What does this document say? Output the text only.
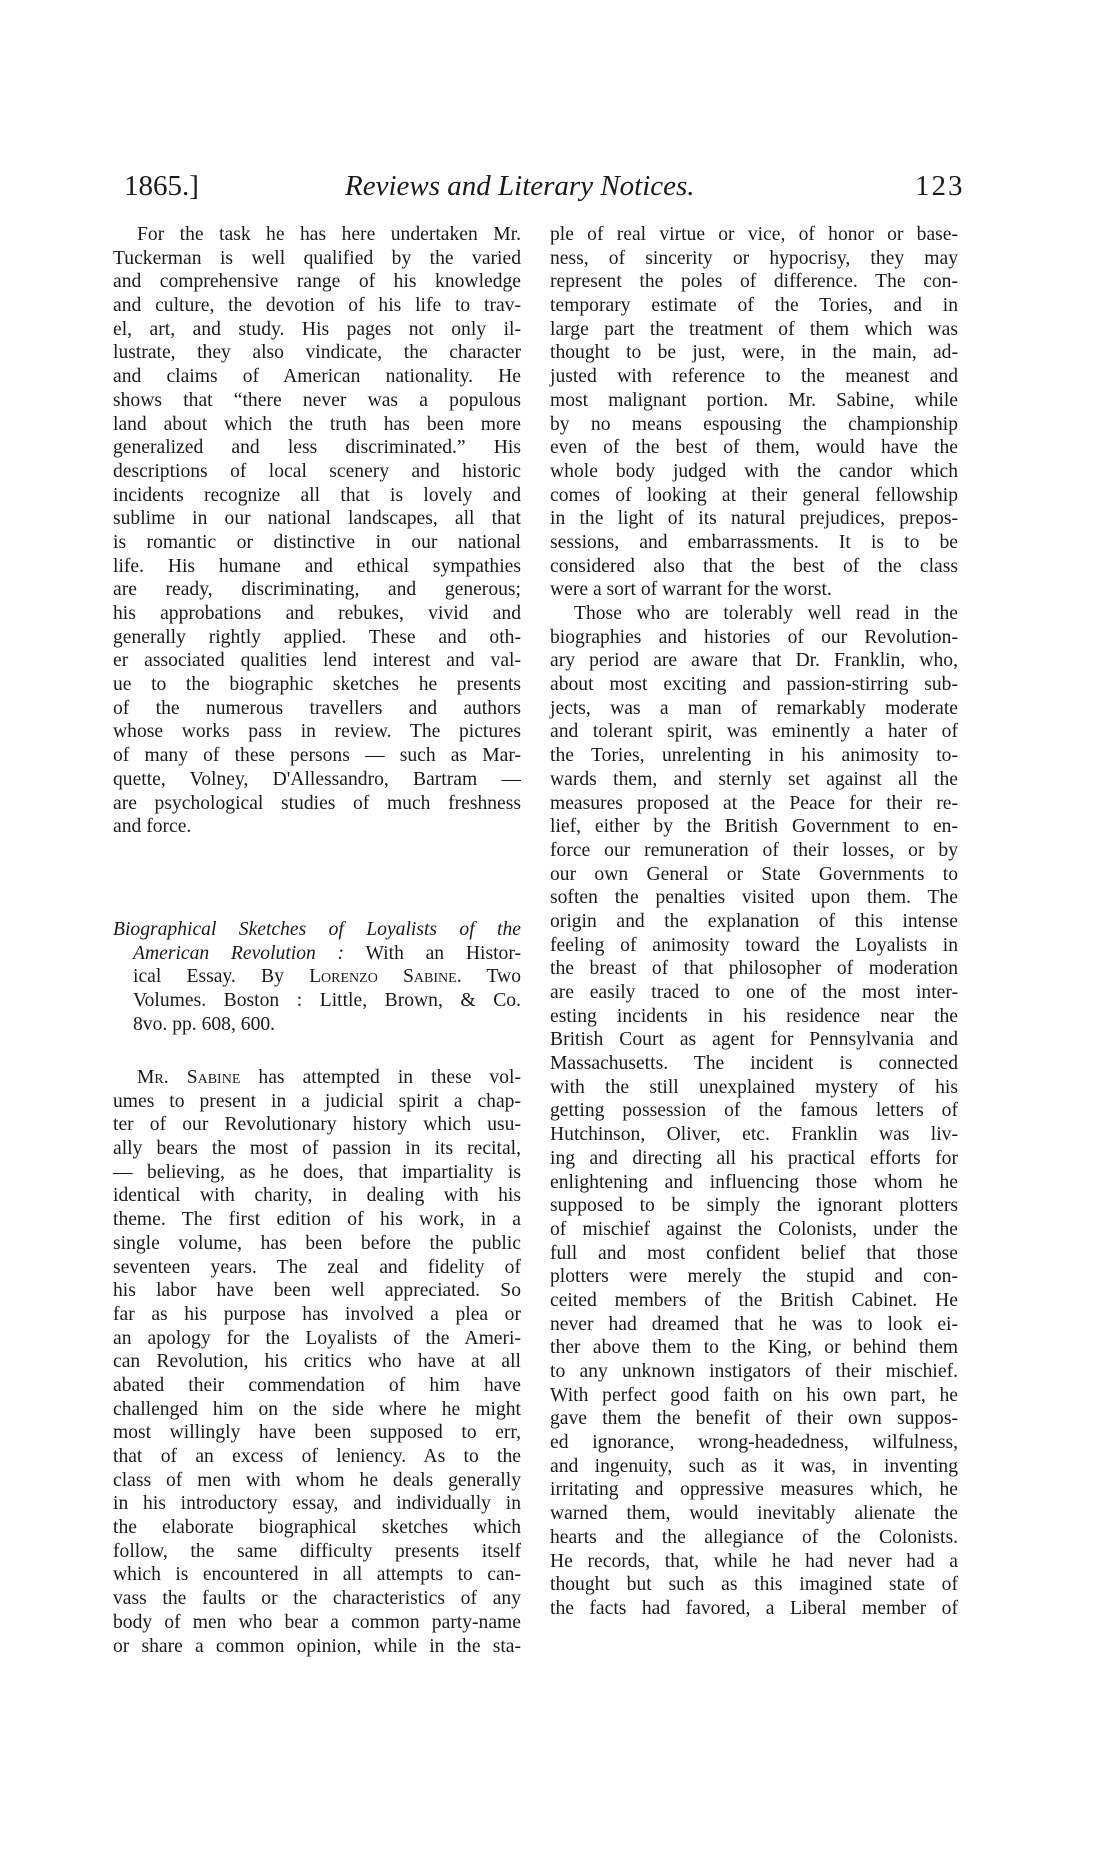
1865.]	Reviews and Literary Notices.	123
For the task he has here undertaken Mr.
Tuckerman is well qualified by the varied
and comprehensive range of his knowledge
and culture, the devotion of his life to trav-
el, art, and study. His pages not only il-
lustrate, they also vindicate, the character
and claims of American nationality. He
shows that “there never was a populous
land about which the truth has been more
generalized and less discriminated.” His
descriptions of local scenery and historic
incidents recognize all that is lovely and
sublime in our national landscapes, all that
is romantic or distinctive in our national
life. His humane and ethical sympathies
are ready, discriminating, and generous;
his approbations and rebukes, vivid and
generally rightly applied. These and oth-
er associated qualities lend interest and val-
ue to the biographic sketches he presents
of the numerous travellers and authors
whose works pass in review. The pictures
of many of these persons — such as Mar-
quette, Volney, D'Allessandro, Bartram —
are psychological studies of much freshness
and force.
Biographical Sketches of Loyalists of the
American Revolution : With an Histor-
ical Essay. By Lorenzo Sabine. Two
Volumes. Boston : Little, Brown, & Co.
8vo. pp. 608, 600.
Mr. Sabine has attempted in these vol-
umes to present in a judicial spirit a chap-
ter of our Revolutionary history which usu-
ally bears the most of passion in its recital,
— believing, as he does, that impartiality is
identical with charity, in dealing with his
theme. The first edition of his work, in a
single volume, has been before the public
seventeen years. The zeal and fidelity of
his labor have been well appreciated. So
far as his purpose has involved a plea or
an apology for the Loyalists of the Ameri-
can Revolution, his critics who have at all
abated their commendation of him have
challenged him on the side where he might
most willingly have been supposed to err,
that of an excess of leniency. As to the
class of men with whom he deals generally
in his introductory essay, and individually in
the elaborate biographical sketches which
follow, the same difficulty presents itself
which is encountered in all attempts to can-
vass the faults or the characteristics of any
body of men who bear a common party-name
or share a common opinion, while in the sta-
ple of real virtue or vice, of honor or base-
ness, of sincerity or hypocrisy, they may
represent the poles of difference. The con-
temporary estimate of the Tories, and in
large part the treatment of them which was
thought to be just, were, in the main, ad-
justed with reference to the meanest and
most malignant portion. Mr. Sabine, while
by no means espousing the championship
even of the best of them, would have the
whole body judged with the candor which
comes of looking at their general fellowship
in the light of its natural prejudices, prepos-
sessions, and embarrassments. It is to be
considered also that the best of the class
were a sort of warrant for the worst.
Those who are tolerably well read in the
biographies and histories of our Revolution-
ary period are aware that Dr. Franklin, who,
about most exciting and passion-stirring sub-
jects, was a man of remarkably moderate
and tolerant spirit, was eminently a hater of
the Tories, unrelenting in his animosity to-
wards them, and sternly set against all the
measures proposed at the Peace for their re-
lief, either by the British Government to en-
force our remuneration of their losses, or by
our own General or State Governments to
soften the penalties visited upon them. The
origin and the explanation of this intense
feeling of animosity toward the Loyalists in
the breast of that philosopher of moderation
are easily traced to one of the most inter-
esting incidents in his residence near the
British Court as agent for Pennsylvania and
Massachusetts. The incident is connected
with the still unexplained mystery of his
getting possession of the famous letters of
Hutchinson, Oliver, etc. Franklin was liv-
ing and directing all his practical efforts for
enlightening and influencing those whom he
supposed to be simply the ignorant plotters
of mischief against the Colonists, under the
full and most confident belief that those
plotters were merely the stupid and con-
ceited members of the British Cabinet. He
never had dreamed that he was to look ei-
ther above them to the King, or behind them
to any unknown instigators of their mischief.
With perfect good faith on his own part, he
gave them the benefit of their own suppos-
ed ignorance, wrong-headedness, wilfulness,
and ingenuity, such as it was, in inventing
irritating and oppressive measures which, he
warned them, would inevitably alienate the
hearts and the allegiance of the Colonists.
He records, that, while he had never had a
thought but such as this imagined state of
the facts had favored, a Liberal member of
